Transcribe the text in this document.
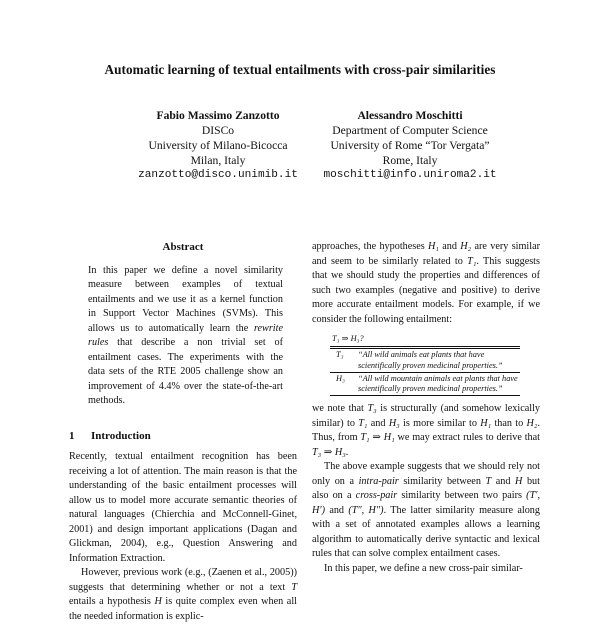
Automatic learning of textual entailments with cross-pair similarities
Fabio Massimo Zanzotto
DISCo
University of Milano-Bicocca
Milan, Italy
zanzotto@disco.unimib.it
Alessandro Moschitti
Department of Computer Science
University of Rome “Tor Vergata”
Rome, Italy
moschitti@info.uniroma2.it
Abstract

In this paper we define a novel similarity measure between examples of textual entailments and we use it as a kernel function in Support Vector Machines (SVMs). This allows us to automatically learn the rewrite rules that describe a non trivial set of entailment cases. The experiments with the data sets of the RTE 2005 challenge show an improvement of 4.4% over the state-of-the-art methods.

1	Introduction

Recently, textual entailment recognition has been receiving a lot of attention. The main reason is that the understanding of the basic entailment processes will allow us to model more accurate semantic theories of natural languages (Chierchia and McConnell-Ginet, 2001) and design important applications (Dagan and Glickman, 2004), e.g., Question Answering and Information Extraction.

However, previous work (e.g., (Zaenen et al., 2005)) suggests that determining whether or not a text T entails a hypothesis H is quite complex even when all the needed information is explic-

approaches, the hypotheses H₁ and H₂ are very similar and seem to be similarly related to T₁. This suggests that we should study the properties and differences of such two examples (negative and positive) to derive more accurate entailment models. For example, if we consider the following entailment:

T₃ ⇒ H₃?	
T₃	“All wild animals eat plants that have scientifically proven medicinal properties.”
H₃	“All wild mountain animals eat plants that have scientifically proven medicinal properties.”

we note that T₃ is structurally (and somehow lexically similar) to T₁ and H₃ is more similar to H₁ than to H₂. Thus, from T₁ ⇒ H₁ we may extract rules to derive that T₃ ⇒ H₃.

The above example suggests that we should rely not only on a intra-pair similarity between T and H but also on a cross-pair similarity between two pairs (T′, H′) and (T″, H″). The latter similarity measure along with a set of annotated examples allows a learning algorithm to automatically derive syntactic and lexical rules that can solve complex entailment cases.

In this paper, we define a new cross-pair similar-
